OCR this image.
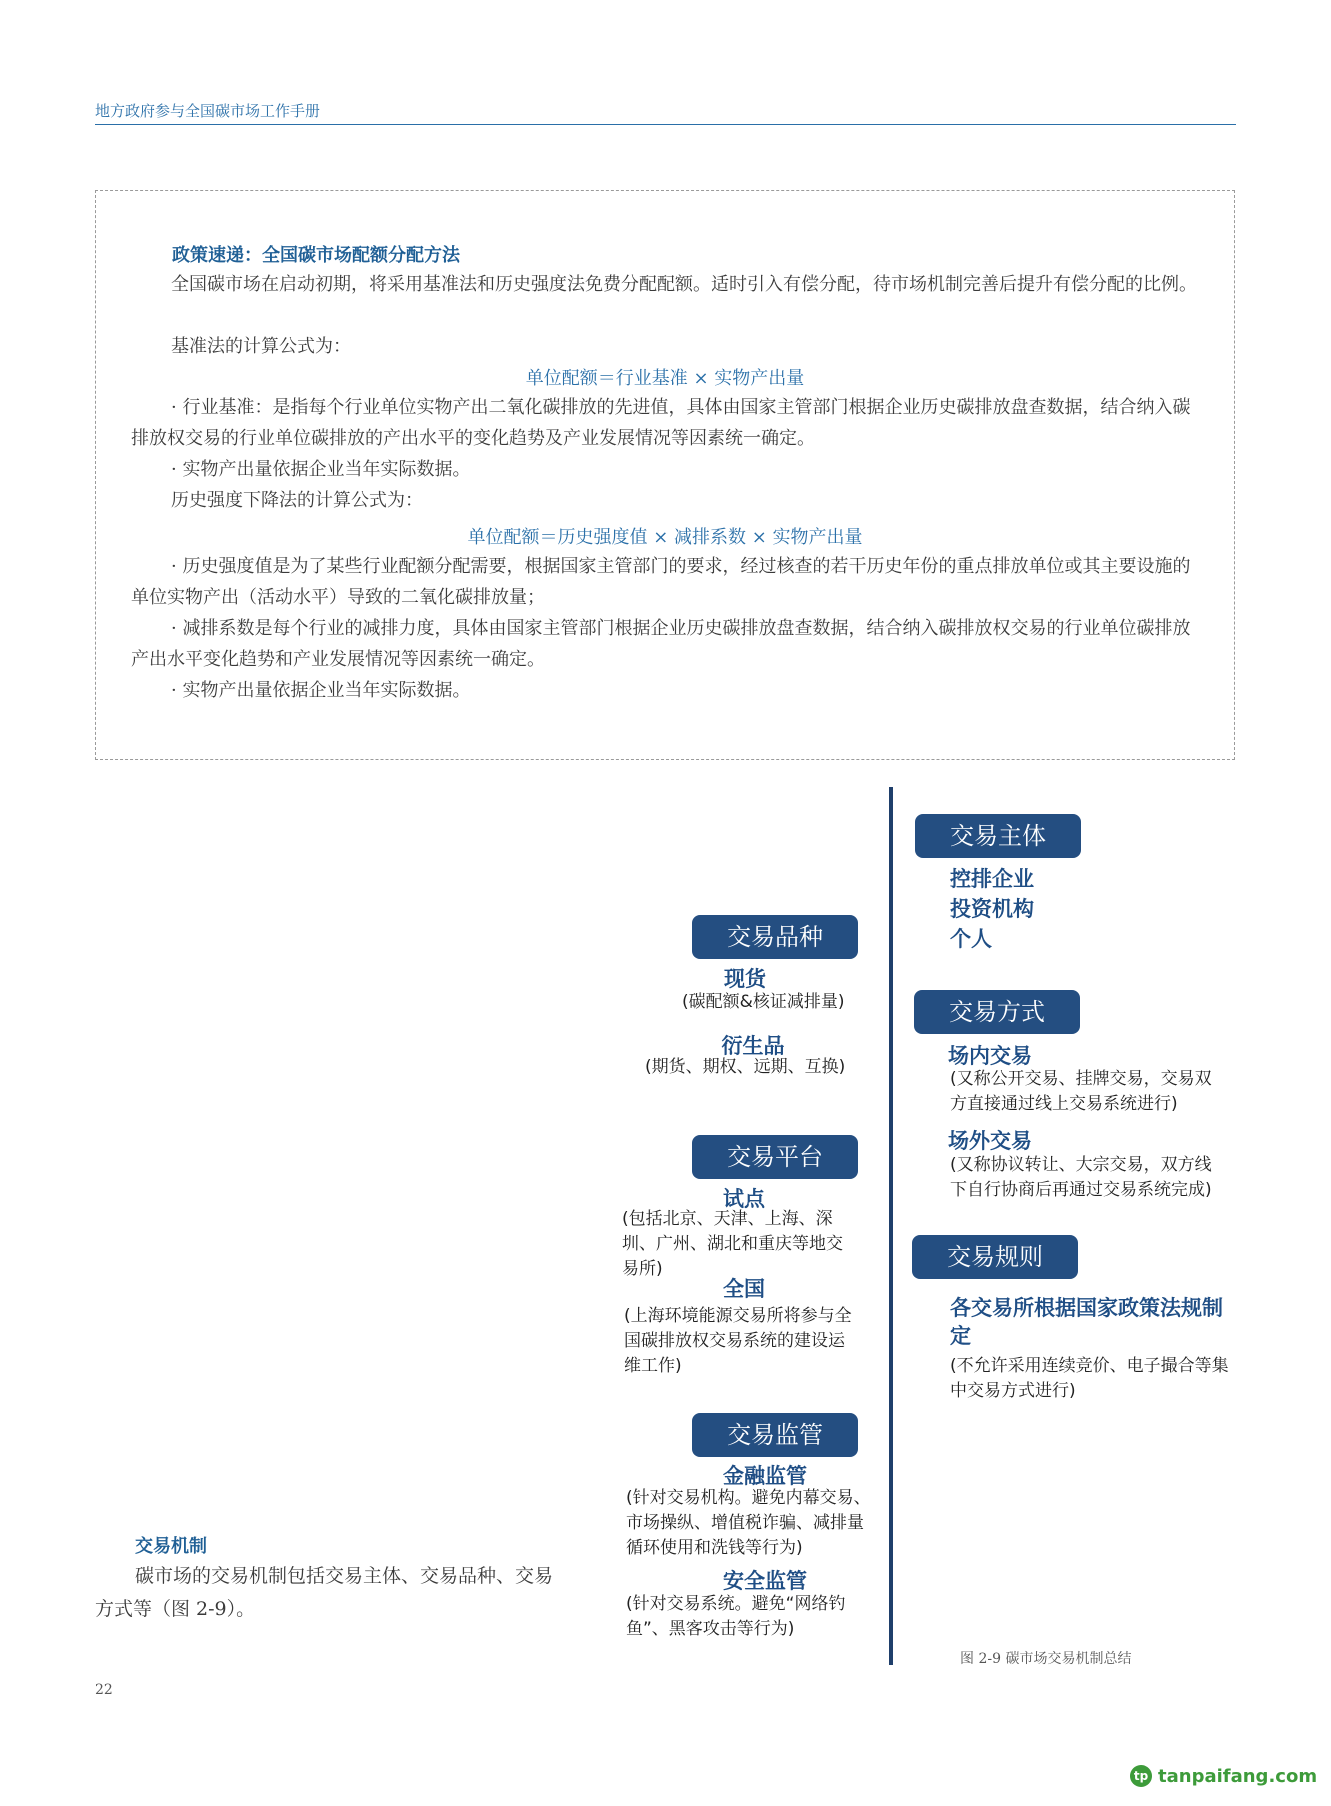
地方政府参与全国碳市场工作手册
政策速递：全国碳市场配额分配方法

全国碳市场在启动初期，将采用基准法和历史强度法免费分配配额。适时引入有偿分配，待市场机制完善后提升有偿分配的比例。

基准法的计算公式为：

单位配额＝行业基准 × 实物产出量

· 行业基准：是指每个行业单位实物产出二氧化碳排放的先进值，具体由国家主管部门根据企业历史碳排放盘查数据，结合纳入碳排放权交易的行业单位碳排放的产出水平的变化趋势及产业发展情况等因素统一确定。

· 实物产出量依据企业当年实际数据。

历史强度下降法的计算公式为：

单位配额＝历史强度值 × 减排系数 × 实物产出量

· 历史强度值是为了某些行业配额分配需要，根据国家主管部门的要求，经过核查的若干历史年份的重点排放单位或其主要设施的单位实物产出（活动水平）导致的二氧化碳排放量；

· 减排系数是每个行业的减排力度，具体由国家主管部门根据企业历史碳排放盘查数据，结合纳入碳排放权交易的行业单位碳排放产出水平变化趋势和产业发展情况等因素统一确定。

· 实物产出量依据企业当年实际数据。

交易主体
控排企业
投资机构
个人
交易品种
现货
(碳配额&核证减排量)
衍生品
(期货、期权、远期、互换)
交易方式
场内交易
(又称公开交易、挂牌交易，交易双方直接通过线上交易系统进行)
场外交易
(又称协议转让、大宗交易，双方线下自行协商后再通过交易系统完成)
交易平台
试点
(包括北京、天津、上海、深圳、广州、湖北和重庆等地交易所)
全国
(上海环境能源交易所将参与全国碳排放权交易系统的建设运维工作)
交易规则
各交易所根据国家政策法规制定
(不允许采用连续竞价、电子撮合等集中交易方式进行)
交易监管
金融监管
(针对交易机构。避免内幕交易、市场操纵、增值税诈骗、减排量循环使用和洗钱等行为)
安全监管
(针对交易系统。避免“网络钓鱼”、黑客攻击等行为)
交易机制

碳市场的交易机制包括交易主体、交易品种、交易方式等（图 2-9）。

图 2-9 碳市场交易机制总结
22
tp tanpaifang.com
